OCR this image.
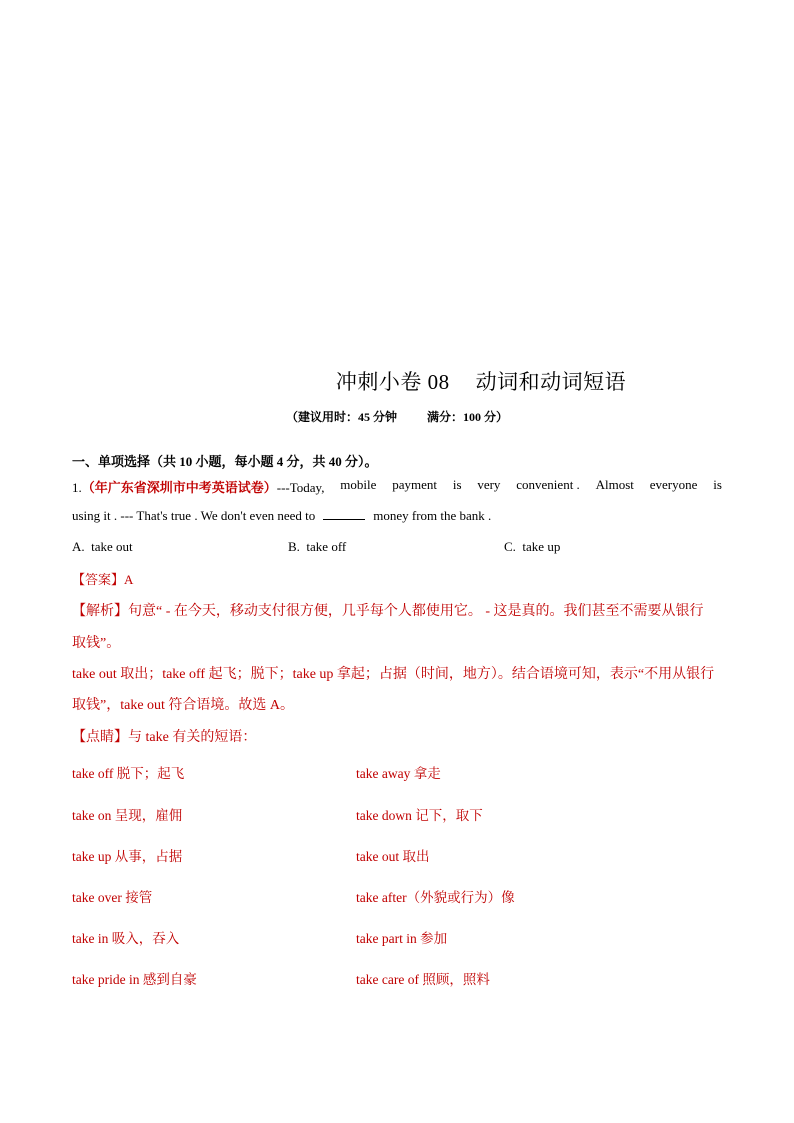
冲刺小卷 08 动词和动词短语
（建议用时：45 分钟	满分：100 分）
一、单项选择（共 10 小题，每小题 4 分，共 40 分）。
1.（年广东省深圳市中考英语试卷）---Today, mobile payment is very convenient . Almost everyone is
using it . --- That's true . We don't even need to	money from the bank .
A. take out	B. take off	C. take up
【答案】A
【解析】句意“ - 在今天，移动支付很方便，几乎每个人都使用它。 - 这是真的。我们甚至不需要从银行
取钱”。
take out 取出；take off 起飞；脱下；take up 拿起；占据（时间，地方）。结合语境可知，表示“不用从银行
取钱”，take out 符合语境。故选 A。
【点睛】与 take 有关的短语：
take off 脱下；起飞	take away 拿走
take on 呈现，雇佣	take down 记下，取下
take up 从事，占据	take out 取出
take over 接管	take after（外貌或行为）像
take in 吸入，吞入	take part in 参加
take pride in 感到自豪	take care of 照顾，照料
